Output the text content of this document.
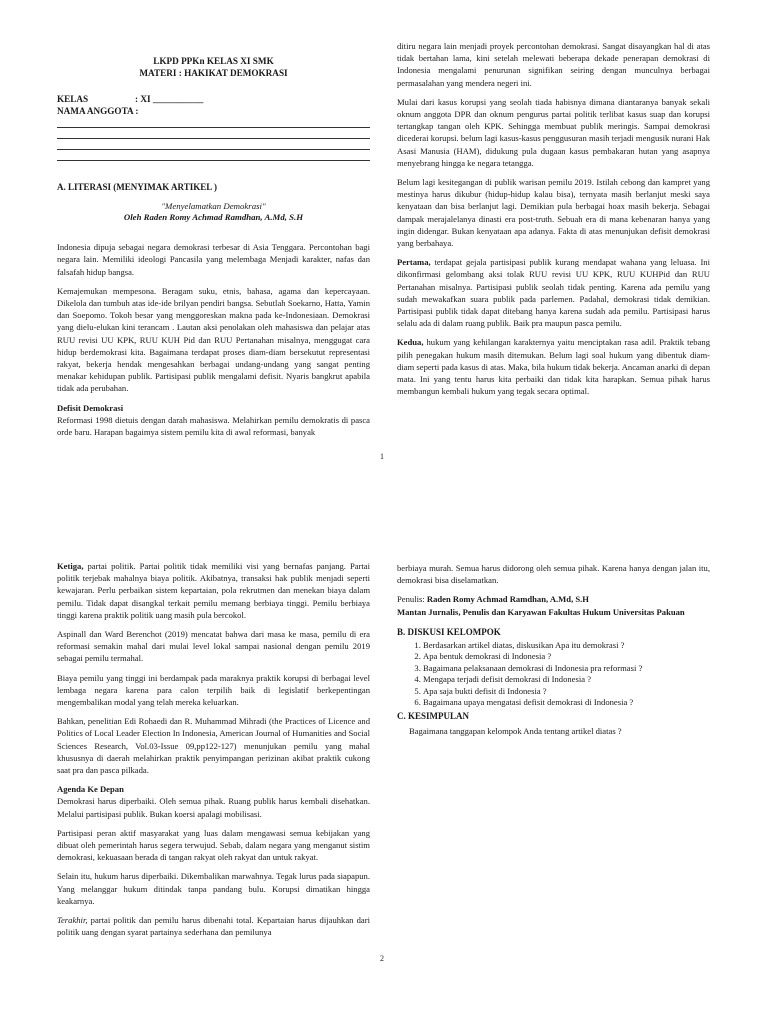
LKPD PPKn KELAS XI SMK
MATERI : HAKIKAT DEMOKRASI
KELAS	: XI ___________
NAMA ANGGOTA :
A. LITERASI (MENYIMAK ARTIKEL )
"Menyelamatkan Demokrasi"
Oleh Raden Romy Achmad Ramdhan, A.Md, S.H

Indonesia dipuja sebagai negara demokrasi terbesar di Asia Tenggara. Percontohan bagi negara lain. Memiliki ideologi Pancasila yang melembaga Menjadi karakter, nafas dan falsafah hidup bangsa.

Kemajemukan mempesona. Beragam suku, etnis, bahasa, agama dan kepercayaan. Dikelola dan tumbuh atas ide-ide brilyan pendiri bangsa. Sebutlah Soekarno, Hatta, Yamin dan Soepomo. Tokoh besar yang menggoreskan makna pada ke-Indonesiaan. Demokrasi yang dielu-elukan kini terancam . Lautan aksi penolakan oleh mahasiswa dan pelajar atas RUU revisi UU KPK, RUU KUH Pid dan RUU Pertanahan misalnya, menggugat cara hidup berdemokrasi kita. Bagaimana terdapat proses diam-diam bersekutut representasi rakyat, bekerja hendak mengesahkan berbagai undang-undang yang sangat penting menakar kehidupan publik. Partisipasi publik mengalami defisit. Nyaris bangkrut apabila tidak ada perubahan.

Defisit Demokrasi

Reformasi 1998 dietuis dengan darah mahasiswa. Melahirkan pemilu demokratis di pasca orde baru. Harapan bagaimya sistem pemilu kita di awal reformasi, banyak

ditiru negara lain menjadi proyek percontohan demokrasi. Sangat disayangkan hal di atas tidak bertahan lama, kini setelah melewati beberapa dekade penerapan demokrasi di Indonesia mengalami penurunan signifikan seiring dengan munculnya berbagai permasalahan yang mendera negeri ini.

Mulai dari kasus korupsi yang seolah tiada habisnya dimana diantaranya banyak sekali oknum anggota DPR dan oknum pengurus partai politik terlibat kasus suap dan korupsi tertangkap tangan oleh KPK. Sehingga membuat publik meringis. Sampai demokrasi dicederai korupsi. belum lagi kasus-kasus penggusuran masih terjadi mengusik nurani Hak Asasi Manusia (HAM), didukung pula dugaan kasus pembakaran hutan yang asapnya menyebrang hingga ke negara tetangga.

Belum lagi kesitegangan di publik warisan pemilu 2019. Istilah cebong dan kampret yang mestinya harus dikubur (hidup-hidup kalau bisa), ternyata masih berlanjut meski saya kenyataan dan bisa berlanjut lagi. Demikian pula berbagai hoax masih bekerja. Sebagai dampak merajalelanya dinasti era post-truth. Sebuah era di mana kebenaran hanya yang ingin didengar. Bukan kenyataan apa adanya. Fakta di atas menunjukan defisit demokrasi yang berbahaya.

Pertama, terdapat gejala partisipasi publik kurang mendapat wahana yang leluasa. Ini dikonfirmasi gelombang aksi tolak RUU revisi UU KPK, RUU KUHPid dan RUU Pertanahan misalnya. Partisipasi publik seolah tidak penting. Karena ada pemilu yang sudah mewakafkan suara publik pada parlemen. Padahal, demokrasi tidak demikian. Partisipasi publik tidak dapat ditebang hanya karena sudah ada pemilu. Partisipasi harus selalu ada di dalam ruang publik. Baik pra maupun pasca pemilu.

Kedua, hukum yang kehilangan karakternya yaitu menciptakan rasa adil. Praktik tebang pilih penegakan hukum masih ditemukan. Belum lagi soal hukum yang dibentuk diam-diam seperti pada kasus di atas. Maka, bila hukum tidak bekerja. Ancaman anarki di depan mata. Ini yang tentu harus kita perbaiki dan tidak kita harapkan. Semua pihak harus membangun kembali hukum yang tegak secara optimal.

1

Ketiga, partai politik. Partai politik tidak memiliki visi yang bernafas panjang. Partai politik terjebak mahalnya biaya politik. Akibatnya, transaksi hak publik menjadi seperti kewajaran. Perlu perbaikan sistem kepartaian, pola rekrutmen dan menekan biaya dalam pemilu. Tidak dapat disangkal terkait pemilu memang berbiaya tinggi. Pemilu berbiaya tinggi karena praktik politik uang masih pula bercokol.

Aspinall dan Ward Berenchot (2019) mencatat bahwa dari masa ke masa, pemilu di era reformasi semakin mahal dari mulai level lokal sampai nasional dengan pemilu 2019 sebagai pemilu termahal.

Biaya pemilu yang tinggi ini berdampak pada maraknya praktik korupsi di berbagai level lembaga negara karena para calon terpilih baik di legislatif berkepentingan mengembalikan modal yang telah mereka keluarkan.

Bahkan, penelitian Edi Rohaedi dan R. Muhammad Mihradi (the Practices of Licence and Politics of Local Leader Election In Indonesia, American Journal of Humanities and Social Sciences Research, Vol.03-Issue 09,pp122-127) menunjukan pemilu yang mahal khususnya di daerah melahirkan praktik penyimpangan perizinan akibat praktik cukong saat pra dan pasca pilkada.

Agenda Ke Depan

Demokrasi harus diperbaiki. Oleh semua pihak. Ruang publik harus kembali disehatkan. Melalui partisipasi publik. Bukan koersi apalagi mobilisasi.

Partisipasi peran aktif masyarakat yang luas dalam mengawasi semua kebijakan yang dibuat oleh pemerintah harus segera terwujud. Sebab, dalam negara yang menganut sistim demokrasi, kekuasaan berada di tangan rakyat oleh rakyat dan untuk rakyat.

Selain itu, hukum harus diperbaiki. Dikembalikan marwahnya. Tegak lurus pada siapapun. Yang melanggar hukum ditindak tanpa pandang bulu. Korupsi dimatikan hingga keakarnya.

Terakhir, partai politik dan pemilu harus dibenahi total. Kepartaian harus dijauhkan dari politik uang dengan syarat partainya sederhana dan pemilunya

berbiaya murah. Semua harus didorong oleh semua pihak. Karena hanya dengan jalan itu, demokrasi bisa diselamatkan.

Penulis: Raden Romy Achmad Ramdhan, A.Md, S.H

Mantan Jurnalis, Penulis dan Karyawan Fakultas Hukum Universitas Pakuan

B. DISKUSI KELOMPOK
1. Berdasarkan artikel diatas, diskusikan Apa itu demokrasi ?
2. Apa bentuk demokrasi di Indonesia ?
3. Bagaimana pelaksanaan demokrasi di Indonesia pra reformasi ?
4. Mengapa terjadi defisit demokrasi di Indonesia ?
5. Apa saja bukti defisit di Indonesia ?
6. Bagaimana upaya mengatasi defisit demokrasi di Indonesia ?
C. KESIMPULAN

Bagaimana tanggapan kelompok Anda tentang artikel diatas ?

2
